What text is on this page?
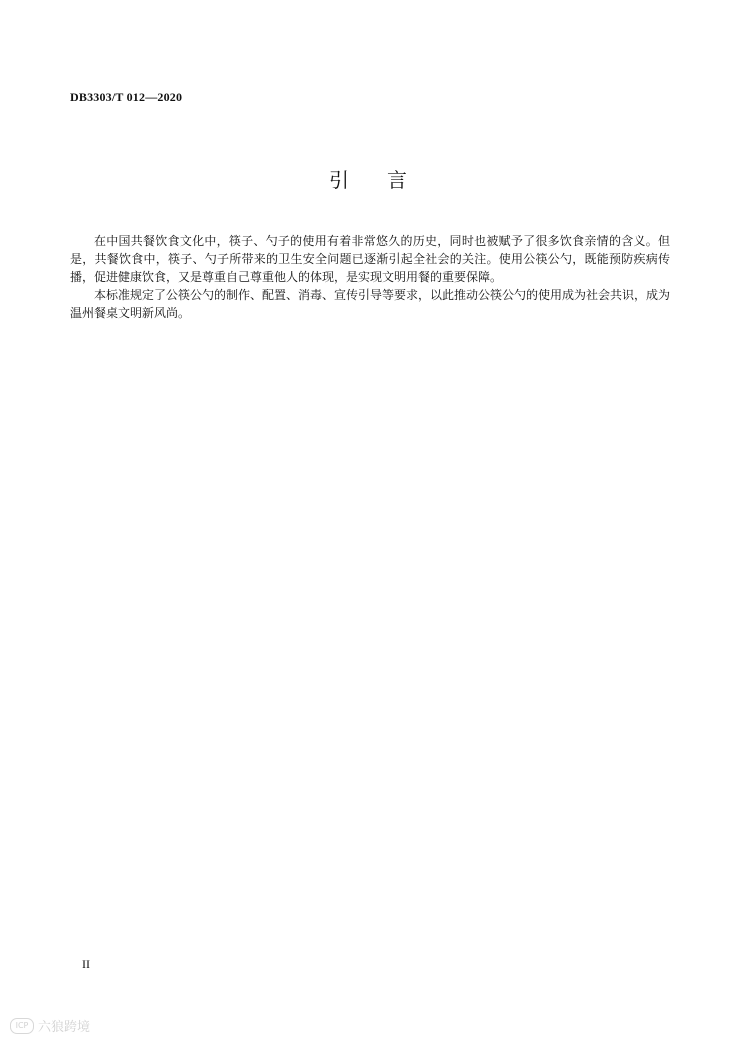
DB3303/T 012—2020
引言

在中国共餐饮食文化中，筷子、勺子的使用有着非常悠久的历史，同时也被赋予了很多饮食亲情的含义。但是，共餐饮食中，筷子、勺子所带来的卫生安全问题已逐渐引起全社会的关注。使用公筷公勺，既能预防疾病传播，促进健康饮食，又是尊重自己尊重他人的体现，是实现文明用餐的重要保障。

本标准规定了公筷公勺的制作、配置、消毒、宣传引导等要求，以此推动公筷公勺的使用成为社会共识，成为温州餐桌文明新风尚。

II
ICP 六狼跨境
